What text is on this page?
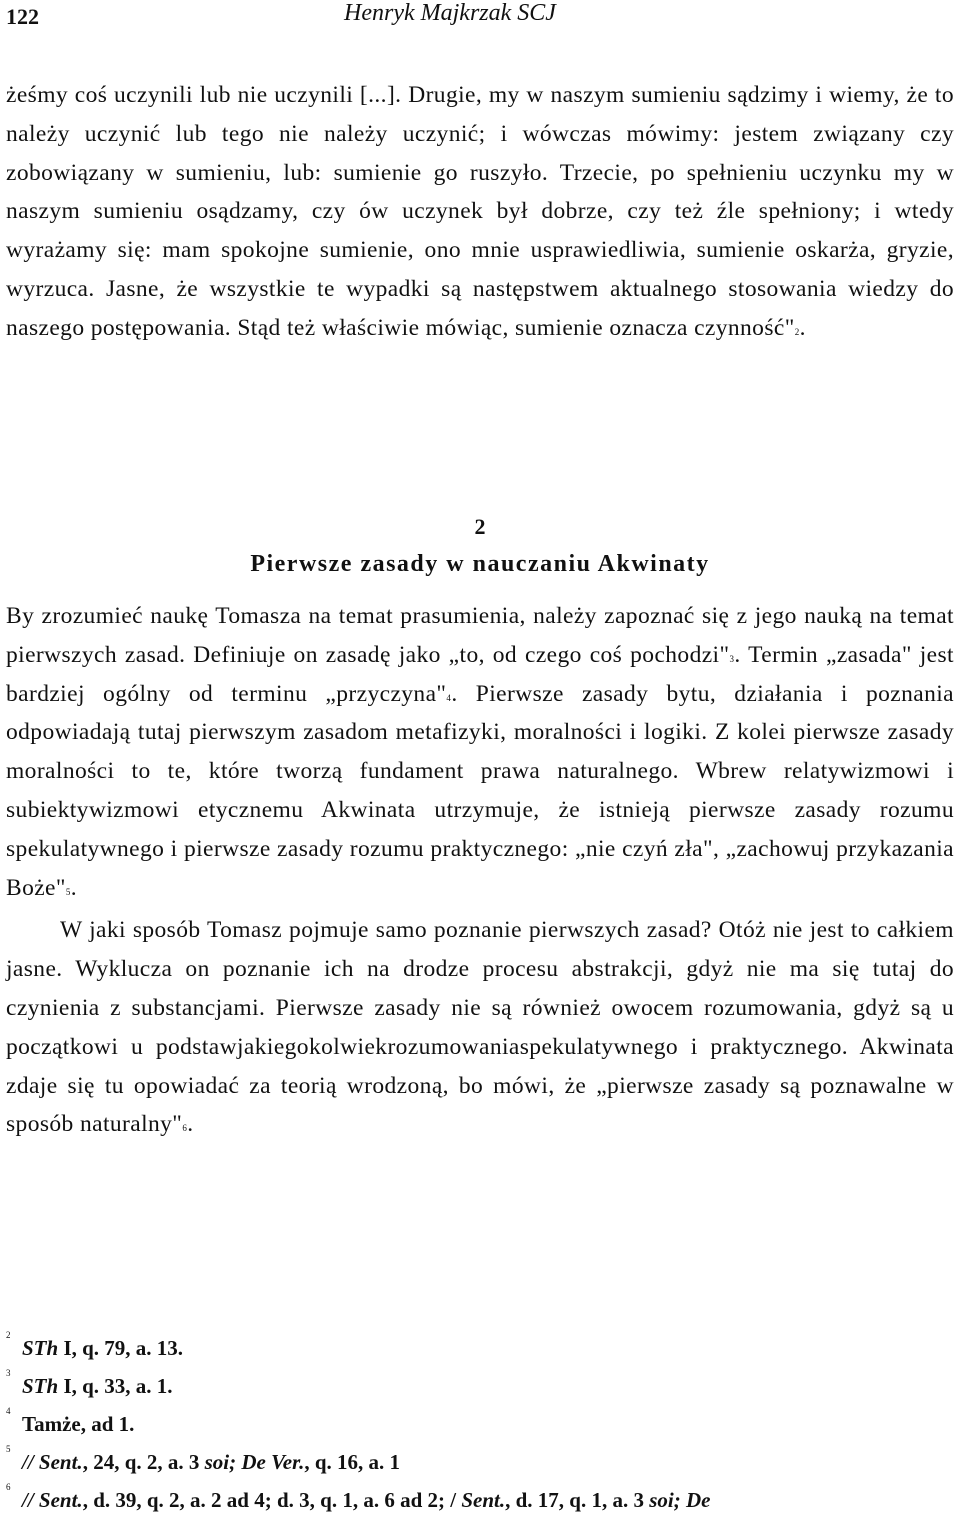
122	Henryk Majkrzak SCJ

żeśmy coś uczynili lub nie uczynili [...]. Drugie, my w naszym sumieniu sądzimy i wiemy, że to należy uczynić lub tego nie należy uczynić; i wówczas mówimy: jestem związany czy zobowiązany w sumieniu, lub: sumienie go ruszyło. Trzecie, po spełnieniu uczynku my w naszym sumieniu osądzamy, czy ów uczynek był dobrze, czy też źle spełniony; i wtedy wyrażamy się: mam spokojne sumienie, ono mnie usprawiedliwia, sumienie oskarża, gryzie, wyrzuca. Jasne, że wszystkie te wypadki są następstwem aktualnego stosowania wiedzy do naszego postępowania. Stąd też właściwie mówiąc, sumienie oznacza czynność"$^2$.

2
Pierwsze zasady w nauczaniu Akwinaty

By zrozumieć naukę Tomasza na temat prasumienia, należy zapoznać się z jego nauką na temat pierwszych zasad. Definiuje on zasadę jako „to, od czego coś pochodzi"$^3$. Termin „zasada" jest bardziej ogólny od terminu „przyczyna"$^4$. Pierwsze zasady bytu, działania i poznania odpowiadają tutaj pierwszym zasadom metafizyki, moralności i logiki. Z kolei pierwsze zasady moralności to te, które tworzą fundament prawa naturalnego. Wbrew relatywizmowi i subiektywizmowi etycznemu Akwinata utrzymuje, że istnieją pierwsze zasady rozumu spekulatywnego i pierwsze zasady rozumu praktycznego: „nie czyń zła", „zachowuj przykazania Boże"$^5$.

W jaki sposób Tomasz pojmuje samo poznanie pierwszych zasad? Otóż nie jest to całkiem jasne. Wyklucza on poznanie ich na drodze procesu abstrakcji, gdyż nie ma się tutaj do czynienia z substancjami. Pierwsze zasady nie są również owocem rozumowania, gdyż są u początkowi u podstawjakiegokolwiekrozumowaniaspekulatywnego i praktycznego. Akwinata zdaje się tu opowiadać za teorią wrodzoną, bo mówi, że „pierwsze zasady są poznawalne w sposób naturalny"$^6$.

2
STh I, q. 79, a. 13.
3
STh I, q. 33, a. 1.
4
Tamże, ad 1.
5
// Sent., 24, q. 2, a. 3 soi; De Ver., q. 16, a. 1
6
// Sent., d. 39, q. 2, a. 2 ad 4; d. 3, q. 1, a. 6 ad 2; / Sent., d. 17, q. 1, a. 3 soi; De
